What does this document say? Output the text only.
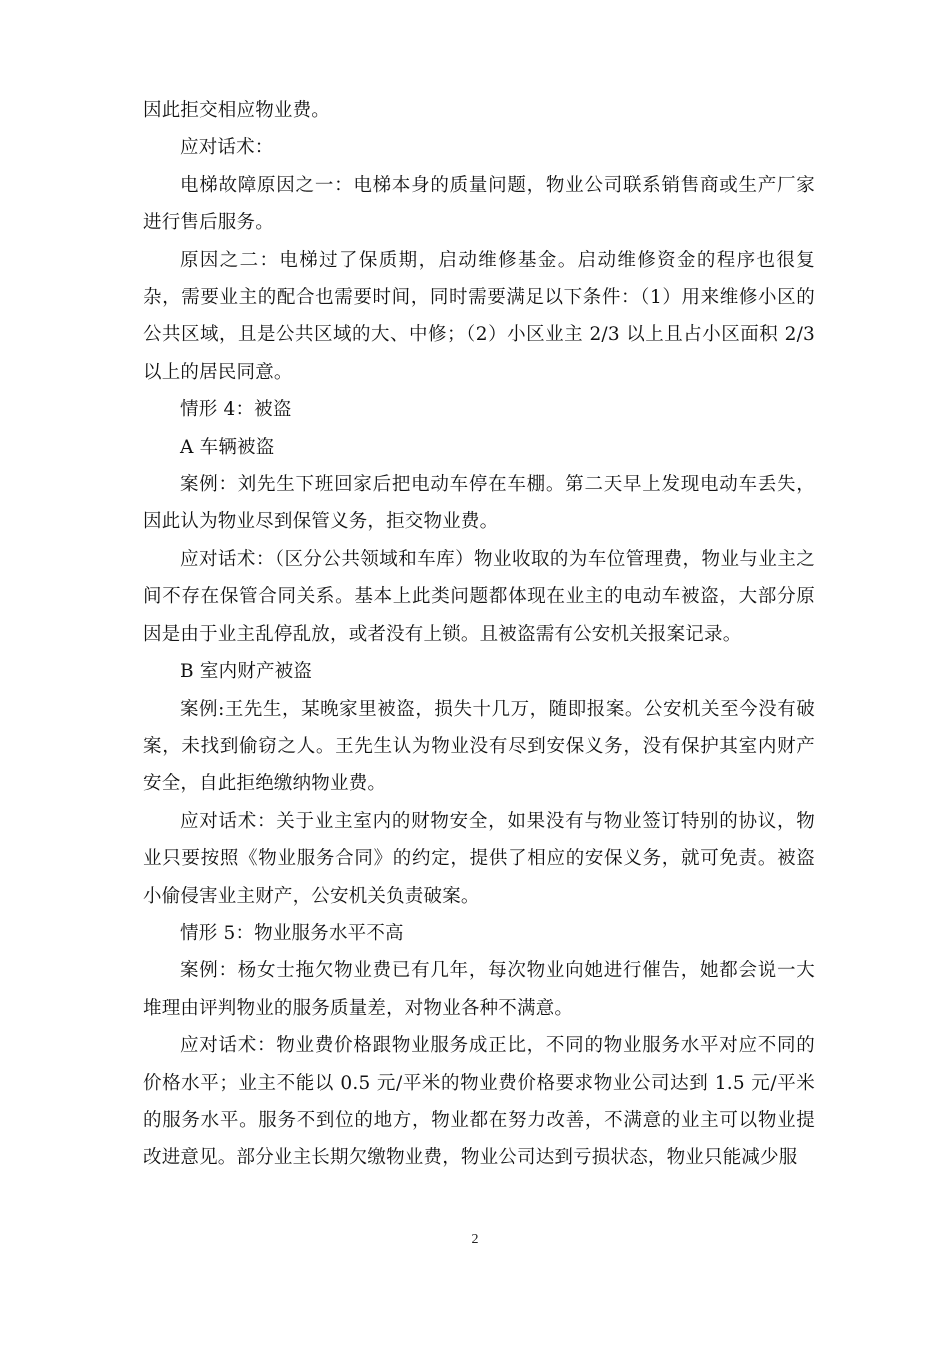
因此拒交相应物业费。

应对话术：

电梯故障原因之一：电梯本身的质量问题，物业公司联系销售商或生产厂家进行售后服务。

原因之二：电梯过了保质期，启动维修基金。启动维修资金的程序也很复杂，需要业主的配合也需要时间，同时需要满足以下条件：（1）用来维修小区的公共区域，且是公共区域的大、中修；（2）小区业主 2/3 以上且占小区面积 2/3 以上的居民同意。

情形 4：被盗

A 车辆被盗

案例：刘先生下班回家后把电动车停在车棚。第二天早上发现电动车丢失，因此认为物业尽到保管义务，拒交物业费。

应对话术：（区分公共领域和车库）物业收取的为车位管理费，物业与业主之间不存在保管合同关系。基本上此类问题都体现在业主的电动车被盗，大部分原因是由于业主乱停乱放，或者没有上锁。且被盗需有公安机关报案记录。

B 室内财产被盗

案例:王先生，某晚家里被盗，损失十几万，随即报案。公安机关至今没有破案，未找到偷窃之人。王先生认为物业没有尽到安保义务，没有保护其室内财产安全，自此拒绝缴纳物业费。

应对话术：关于业主室内的财物安全，如果没有与物业签订特别的协议，物业只要按照《物业服务合同》的约定，提供了相应的安保义务，就可免责。被盗小偷侵害业主财产，公安机关负责破案。

情形 5：物业服务水平不高

案例：杨女士拖欠物业费已有几年，每次物业向她进行催告，她都会说一大堆理由评判物业的服务质量差，对物业各种不满意。

应对话术：物业费价格跟物业服务成正比，不同的物业服务水平对应不同的价格水平；业主不能以 0.5 元/平米的物业费价格要求物业公司达到 1.5 元/平米的服务水平。服务不到位的地方，物业都在努力改善，不满意的业主可以物业提改进意见。部分业主长期欠缴物业费，物业公司达到亏损状态，物业只能减少服

2
